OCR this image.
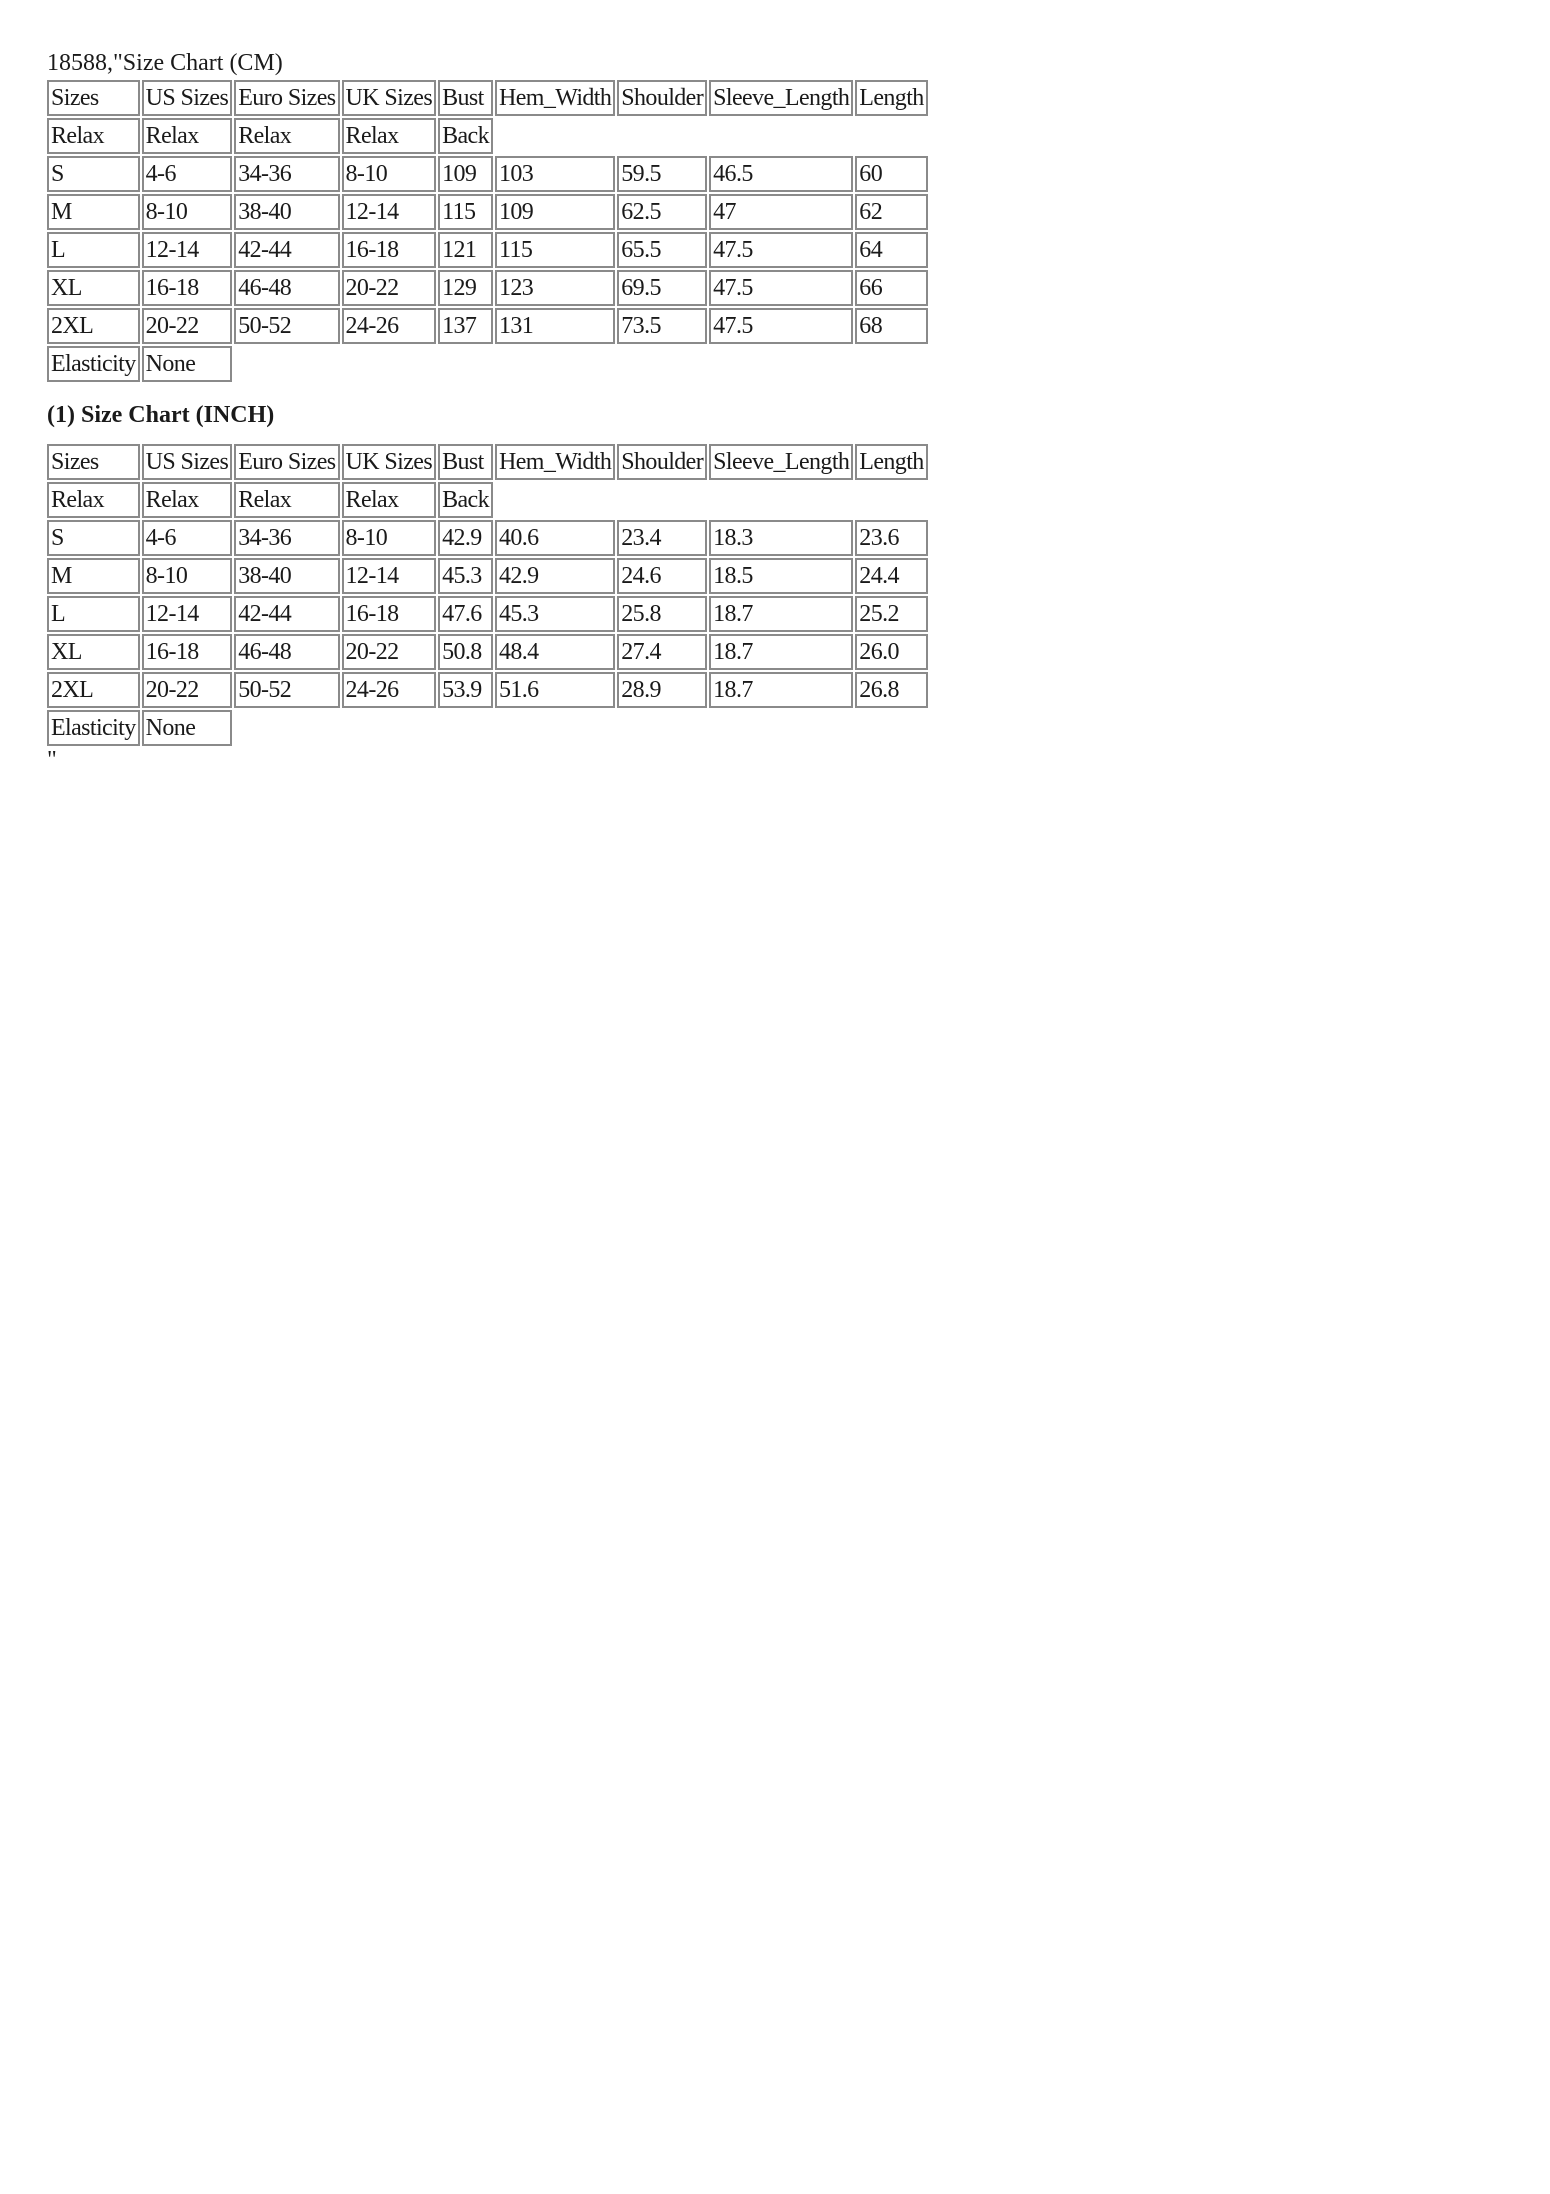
18588,"Size Chart (CM)

Sizes	US Sizes	Euro Sizes	UK Sizes	Bust	Hem_Width	Shoulder	Sleeve_Length	Length
Relax	Relax	Relax	Relax	Back				
S	4-6	34-36	8-10	109	103	59.5	46.5	60
M	8-10	38-40	12-14	115	109	62.5	47	62
L	12-14	42-44	16-18	121	115	65.5	47.5	64
XL	16-18	46-48	20-22	129	123	69.5	47.5	66
2XL	20-22	50-52	24-26	137	131	73.5	47.5	68
Elasticity	None							

(1) Size Chart (INCH)

Sizes	US Sizes	Euro Sizes	UK Sizes	Bust	Hem_Width	Shoulder	Sleeve_Length	Length
Relax	Relax	Relax	Relax	Back				
S	4-6	34-36	8-10	42.9	40.6	23.4	18.3	23.6
M	8-10	38-40	12-14	45.3	42.9	24.6	18.5	24.4
L	12-14	42-44	16-18	47.6	45.3	25.8	18.7	25.2
XL	16-18	46-48	20-22	50.8	48.4	27.4	18.7	26.0
2XL	20-22	50-52	24-26	53.9	51.6	28.9	18.7	26.8
Elasticity	None							

"
